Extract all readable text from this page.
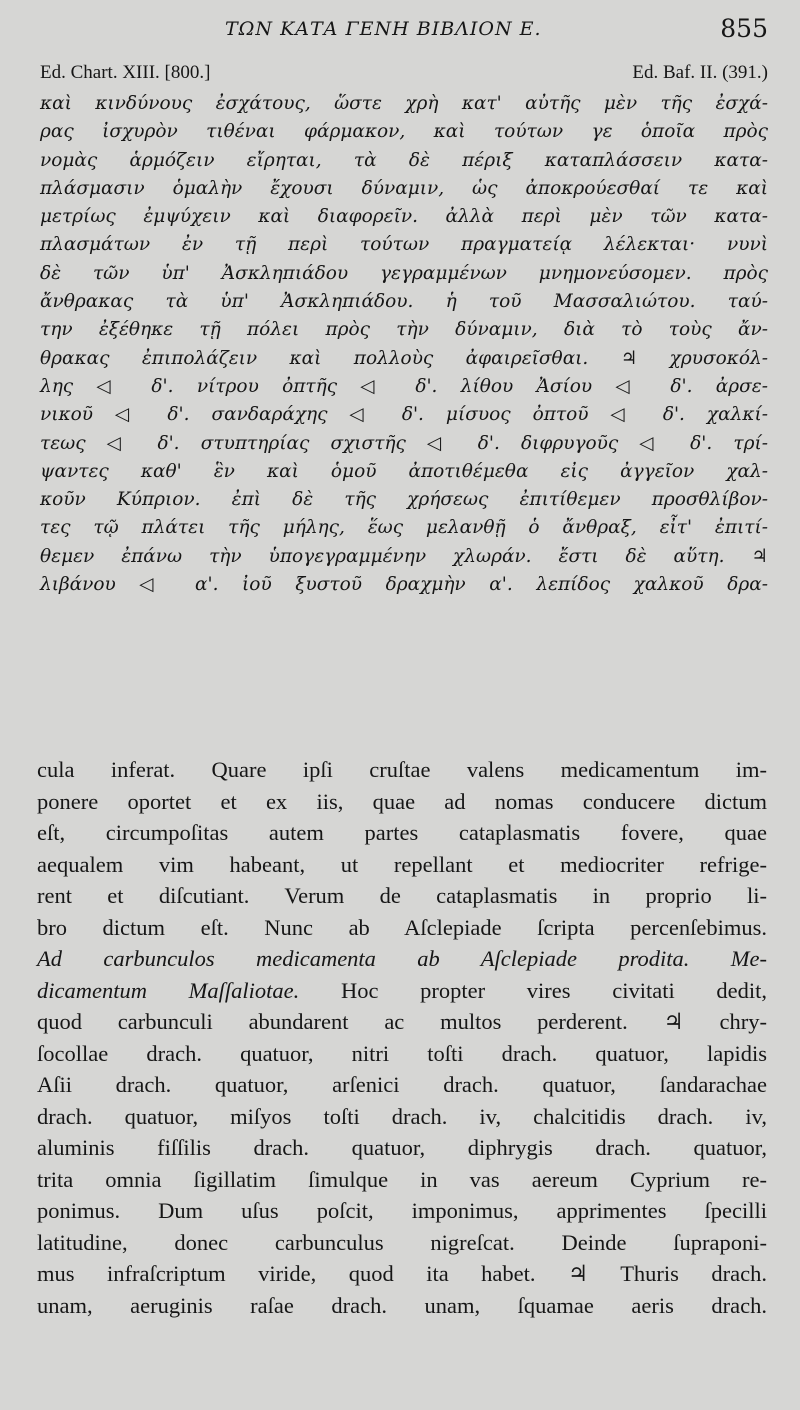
ΤΩΝ ΚΑΤΑ ΓΕΝΗ ΒΙΒΛΙΟΝ Ε.	855
Ed. Chart. XIII. [800.]	Ed. Baf. II. (391.)
καὶ κινδύνους ἐσχάτους, ὥστε χρὴ κατ' αὐτῆς μὲν τῆς ἐσχά-
ρας ἰσχυρὸν τιθέναι φάρμακον, καὶ τούτων γε ὁποῖα πρὸς
νομὰς ἁρμόζειν εἴρηται, τὰ δὲ πέριξ καταπλάσσειν κατα-
πλάσμασιν ὁμαλὴν ἔχουσι δύναμιν, ὡς ἀποκρούεσθαί τε καὶ
μετρίως ἐμψύχειν καὶ διαφορεῖν. ἀλλὰ περὶ μὲν τῶν κατα-
πλασμάτων ἐν τῇ περὶ τούτων πραγματείᾳ λέλεκται· νυνὶ
δὲ τῶν ὑπ' Ἀσκληπιάδου γεγραμμένων μνημονεύσομεν. πρὸς
ἄνθρακας τὰ ὑπ' Ἀσκληπιάδου. ἡ τοῦ Μασσαλιώτου. ταύ-
την ἐξέθηκε τῇ πόλει πρὸς τὴν δύναμιν, διὰ τὸ τοὺς ἄν-
θρακας ἐπιπολάζειν καὶ πολλοὺς ἀφαιρεῖσθαι. ♃ χρυσοκόλ-
λης ◁ δ'. νίτρου ὀπτῆς ◁ δ'. λίθου Ἀσίου ◁ δ'. ἀρσε-
νικοῦ ◁ δ'. σανδαράχης ◁ δ'. μίσυος ὀπτοῦ ◁ δ'. χαλκί-
τεως ◁ δ'. στυπτηρίας σχιστῆς ◁ δ'. διφρυγοῦς ◁ δ'. τρί-
ψαντες καθ' ἓν καὶ ὁμοῦ ἀποτιθέμεθα εἰς ἀγγεῖον χαλ-
κοῦν Κύπριον. ἐπὶ δὲ τῆς χρήσεως ἐπιτίθεμεν προσθλίβον-
τες τῷ πλάτει τῆς μήλης, ἕως μελανθῇ ὁ ἄνθραξ, εἶτ' ἐπιτί-
θεμεν ἐπάνω τὴν ὑπογεγραμμένην χλωράν. ἔστι δὲ αὕτη. ♃
λιβάνου ◁ α'. ἰοῦ ξυστοῦ δραχμὴν α'. λεπίδος χαλκοῦ δρα-
cula inferat. Quare ipſi cruſtae valens medicamentum im-
ponere oportet et ex iis, quae ad nomas conducere dictum
eſt, circumpoſitas autem partes cataplasmatis fovere, quae
aequalem vim habeant, ut repellant et mediocriter refrige-
rent et diſcutiant. Verum de cataplasmatis in proprio li-
bro dictum eſt. Nunc ab Aſclepiade ſcripta percenſebimus.
Ad carbunculos medicamenta ab Aſclepiade prodita. Me-
dicamentum Maſſaliotae. Hoc propter vires civitati dedit,
quod carbunculi abundarent ac multos perderent. ♃ chry-
ſocollae drach. quatuor, nitri toſti drach. quatuor, lapidis
Aſii drach. quatuor, arſenici drach. quatuor, ſandarachae
drach. quatuor, miſyos toſti drach. iv, chalcitidis drach. iv,
aluminis fiſſilis drach. quatuor, diphrygis drach. quatuor,
trita omnia ſigillatim ſimulque in vas aereum Cyprium re-
ponimus. Dum uſus poſcit, imponimus, apprimentes ſpecilli
latitudine, donec carbunculus nigreſcat. Deinde ſupraponi-
mus infraſcriptum viride, quod ita habet. ♃ Thuris drach.
unam, aeruginis raſae drach. unam, ſquamae aeris drach.
